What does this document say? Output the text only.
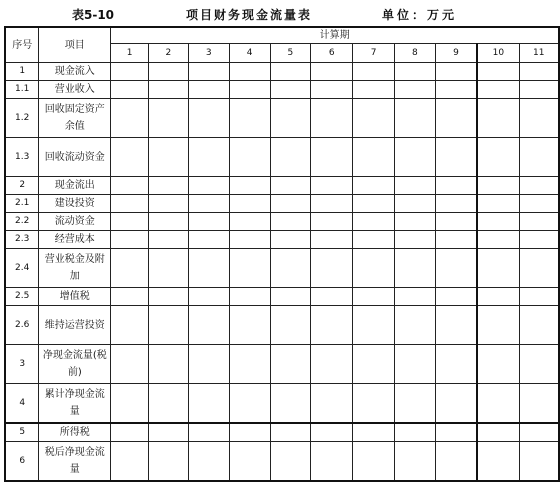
表5-10	项目财务现金流量表	单位：万元
序号	项目	计算期										
		1	2	3	4	5	6	7	8	9	10	11
1	现金流入											
1.1	营业收入											
1.2	回收固定资产余值											
1.3	回收流动资金											
2	现金流出											
2.1	建设投资											
2.2	流动资金											
2.3	经营成本											
2.4	营业税金及附加											
2.5	增值税											
2.6	维持运营投资											
3	净现金流量(税前)											
4	累计净现金流量											
5	所得税											
6	税后净现金流量											
